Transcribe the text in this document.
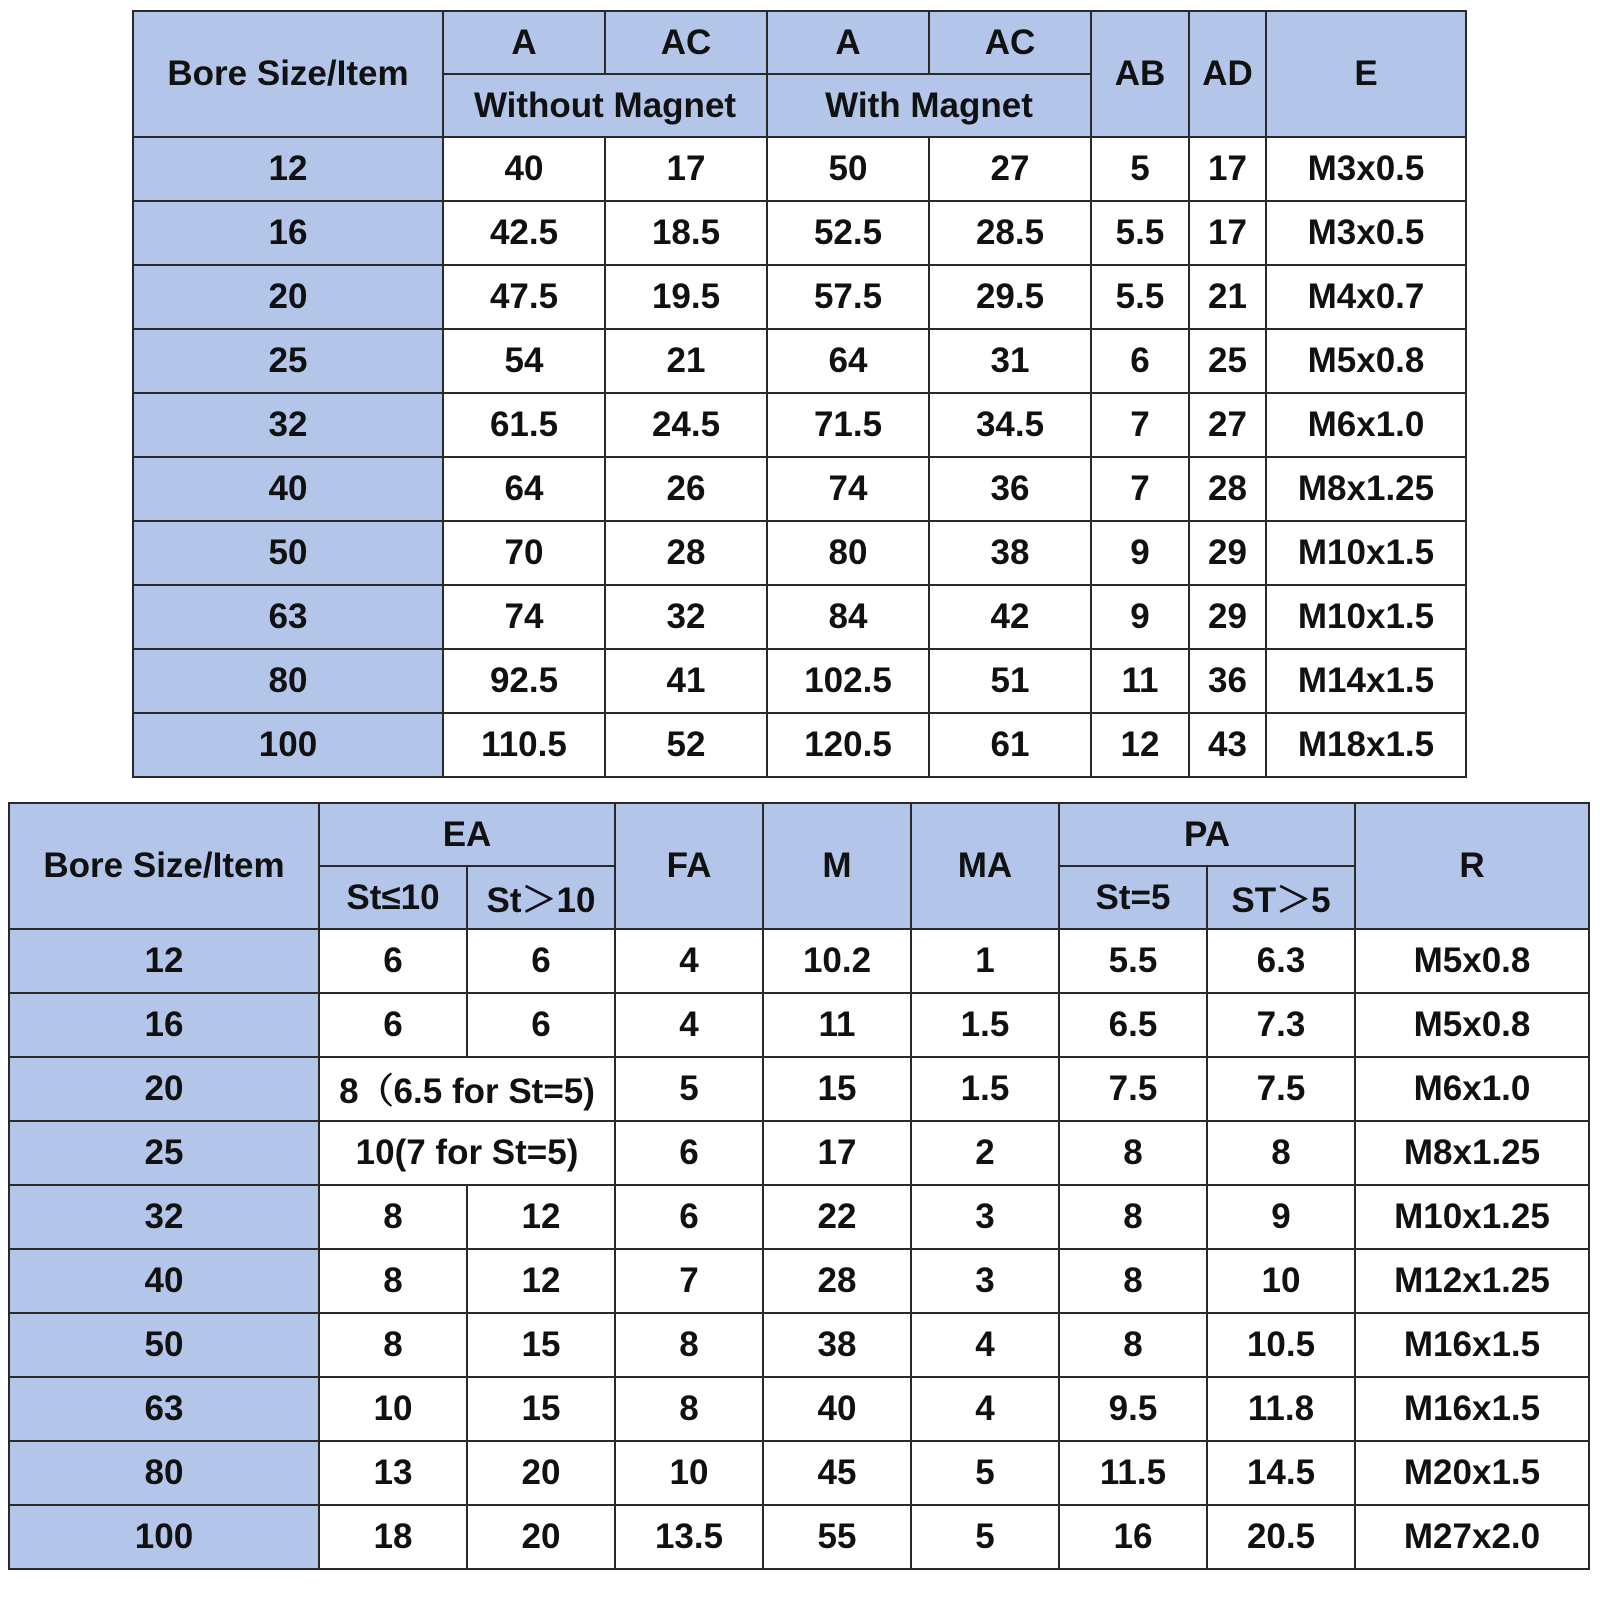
Bore Size/Item	A	AC	A	AC	AB	AD	E
	Without Magnet		With Magnet				
12	40	17	50	27	5	17	M3x0.5
16	42.5	18.5	52.5	28.5	5.5	17	M3x0.5
20	47.5	19.5	57.5	29.5	5.5	21	M4x0.7
25	54	21	64	31	6	25	M5x0.8
32	61.5	24.5	71.5	34.5	7	27	M6x1.0
40	64	26	74	36	7	28	M8x1.25
50	70	28	80	38	9	29	M10x1.5
63	74	32	84	42	9	29	M10x1.5
80	92.5	41	102.5	51	11	36	M14x1.5
100	110.5	52	120.5	61	12	43	M18x1.5
Bore Size/Item	EA		FA	M	MA	PA		R
	St≤10	St＞10				St=5	ST＞5	
12	6	6	4	10.2	1	5.5	6.3	M5x0.8
16	6	6	4	11	1.5	6.5	7.3	M5x0.8
20	8（6.5 for St=5)		5	15	1.5	7.5	7.5	M6x1.0
25	10(7 for St=5)		6	17	2	8	8	M8x1.25
32	8	12	6	22	3	8	9	M10x1.25
40	8	12	7	28	3	8	10	M12x1.25
50	8	15	8	38	4	8	10.5	M16x1.5
63	10	15	8	40	4	9.5	11.8	M16x1.5
80	13	20	10	45	5	11.5	14.5	M20x1.5
100	18	20	13.5	55	5	16	20.5	M27x2.0
